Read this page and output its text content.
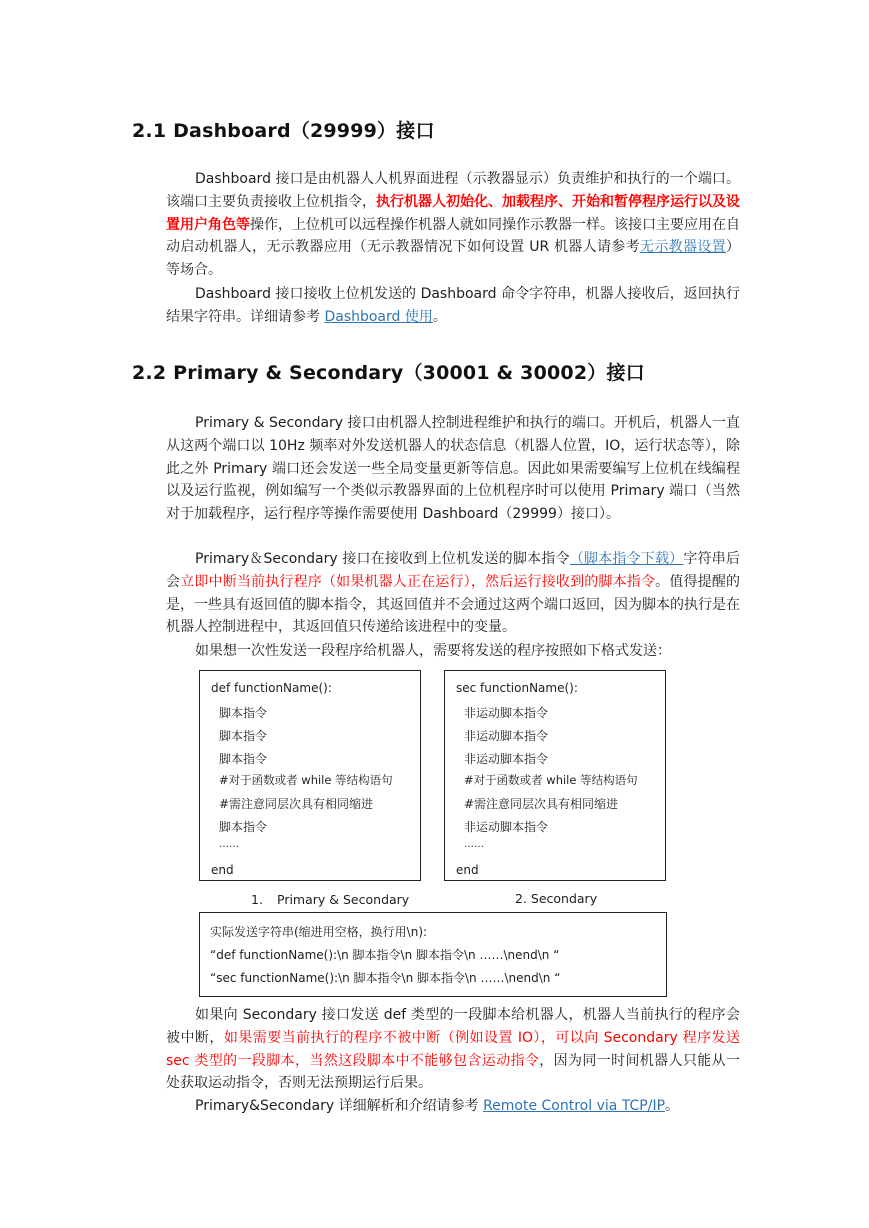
2.1 Dashboard（29999）接口

Dashboard 接口是由机器人人机界面进程（示教器显示）负责维护和执行的一个端口。该端口主要负责接收上位机指令，执行机器人初始化、加载程序、开始和暂停程序运行以及设置用户角色等操作，上位机可以远程操作机器人就如同操作示教器一样。该接口主要应用在自动启动机器人，无示教器应用（无示教器情况下如何设置 UR 机器人请参考无示教器设置）等场合。

Dashboard 接口接收上位机发送的 Dashboard 命令字符串，机器人接收后，返回执行结果字符串。详细请参考 Dashboard 使用。

2.2 Primary & Secondary（30001 & 30002）接口

Primary & Secondary 接口由机器人控制进程维护和执行的端口。开机后，机器人一直从这两个端口以 10Hz 频率对外发送机器人的状态信息（机器人位置，IO，运行状态等），除此之外 Primary 端口还会发送一些全局变量更新等信息。因此如果需要编写上位机在线编程以及运行监视，例如编写一个类似示教器界面的上位机程序时可以使用 Primary 端口（当然对于加载程序，运行程序等操作需要使用 Dashboard（29999）接口）。

Primary＆Secondary 接口在接收到上位机发送的脚本指令（脚本指令下载）字符串后会立即中断当前执行程序（如果机器人正在运行），然后运行接收到的脚本指令。值得提醒的是，一些具有返回值的脚本指令，其返回值并不会通过这两个端口返回，因为脚本的执行是在机器人控制进程中，其返回值只传递给该进程中的变量。

如果想一次性发送一段程序给机器人，需要将发送的程序按照如下格式发送：

def functionName():
脚本指令
脚本指令
脚本指令
#对于函数或者 while 等结构语句
#需注意同层次具有相同缩进
脚本指令
……
end
sec functionName():
非运动脚本指令
非运动脚本指令
非运动脚本指令
#对于函数或者 while 等结构语句
#需注意同层次具有相同缩进
非运动脚本指令
……
end
1. Primary & Secondary	2. Secondary
实际发送字符串(缩进用空格，换行用\n):
“def functionName():\n 脚本指令\n 脚本指令\n ……\nend\n “
“sec functionName():\n 脚本指令\n 脚本指令\n ……\nend\n “

如果向 Secondary 接口发送 def 类型的一段脚本给机器人，机器人当前执行的程序会被中断，如果需要当前执行的程序不被中断（例如设置 IO），可以向 Secondary 程序发送 sec 类型的一段脚本，当然这段脚本中不能够包含运动指令，因为同一时间机器人只能从一处获取运动指令，否则无法预期运行后果。

Primary&Secondary 详细解析和介绍请参考 Remote Control via TCP/IP。
